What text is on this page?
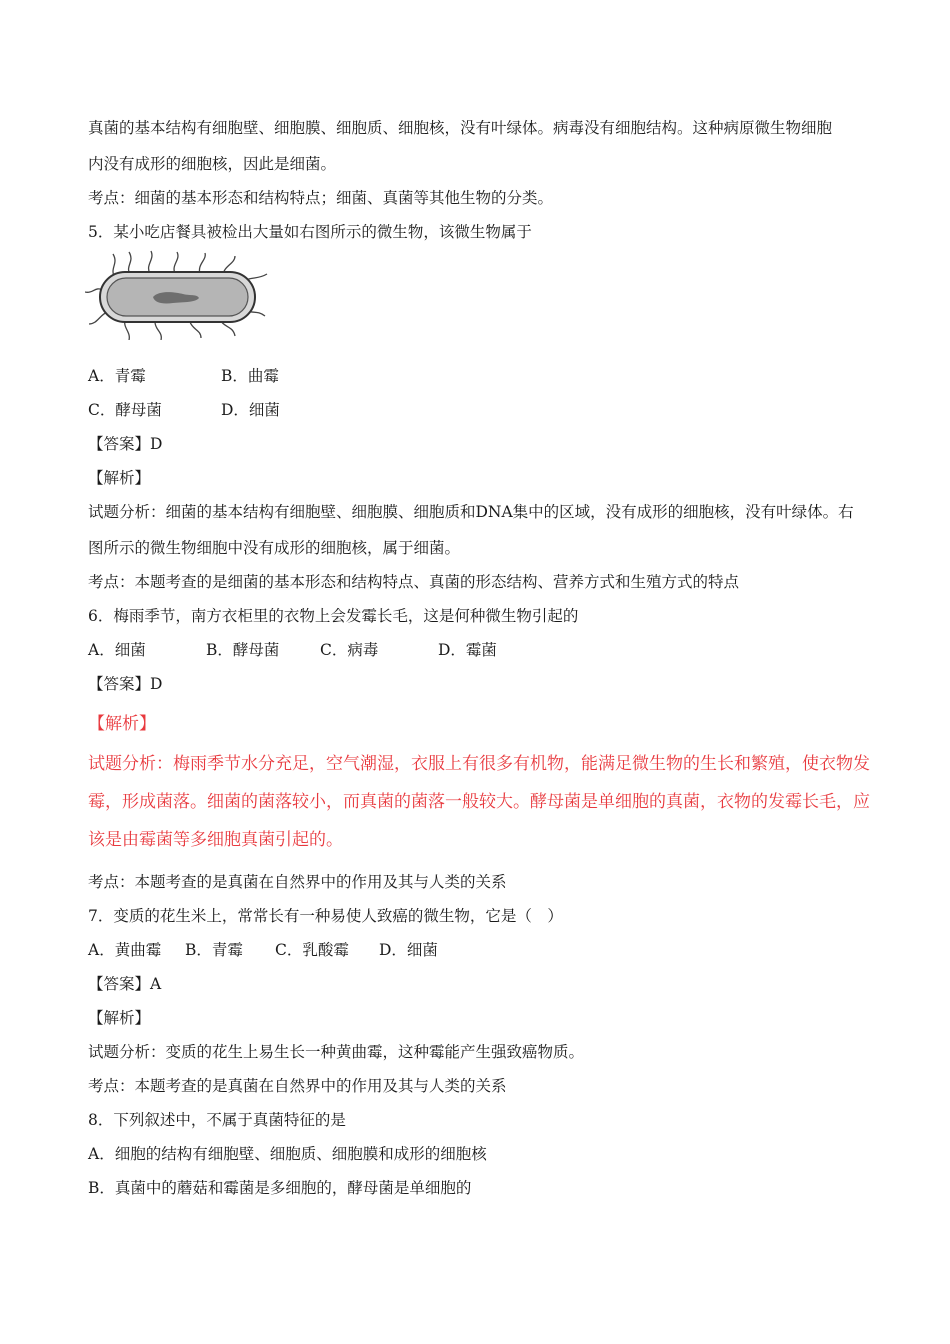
真菌的基本结构有细胞壁、细胞膜、细胞质、细胞核，没有叶绿体。病毒没有细胞结构。这种病原微生物细胞
内没有成形的细胞核，因此是细菌。
考点：细菌的基本形态和结构特点；细菌、真菌等其他生物的分类。
5．某小吃店餐具被检出大量如右图所示的微生物，该微生物属于
A．青霉	B．曲霉
C．酵母菌	D．细菌
【答案】D
【解析】
试题分析：细菌的基本结构有细胞壁、细胞膜、细胞质和DNA集中的区域，没有成形的细胞核，没有叶绿体。右
图所示的微生物细胞中没有成形的细胞核，属于细菌。
考点：本题考查的是细菌的基本形态和结构特点、真菌的形态结构、营养方式和生殖方式的特点
6．梅雨季节，南方衣柜里的衣物上会发霉长毛，这是何种微生物引起的
A．细菌	B．酵母菌	C．病毒	D．霉菌
【答案】D
【解析】
试题分析：梅雨季节水分充足，空气潮湿，衣服上有很多有机物，能满足微生物的生长和繁殖，使衣物发
霉，形成菌落。细菌的菌落较小，而真菌的菌落一般较大。酵母菌是单细胞的真菌，衣物的发霉长毛，应
该是由霉菌等多细胞真菌引起的。
考点：本题考查的是真菌在自然界中的作用及其与人类的关系
7．变质的花生米上，常常长有一种易使人致癌的微生物，它是（　）
A．黄曲霉 B．青霉 C．乳酸霉 D．细菌
【答案】A
【解析】
试题分析：变质的花生上易生长一种黄曲霉，这种霉能产生强致癌物质。
考点：本题考查的是真菌在自然界中的作用及其与人类的关系
8．下列叙述中，不属于真菌特征的是
A．细胞的结构有细胞壁、细胞质、细胞膜和成形的细胞核
B．真菌中的蘑菇和霉菌是多细胞的，酵母菌是单细胞的
